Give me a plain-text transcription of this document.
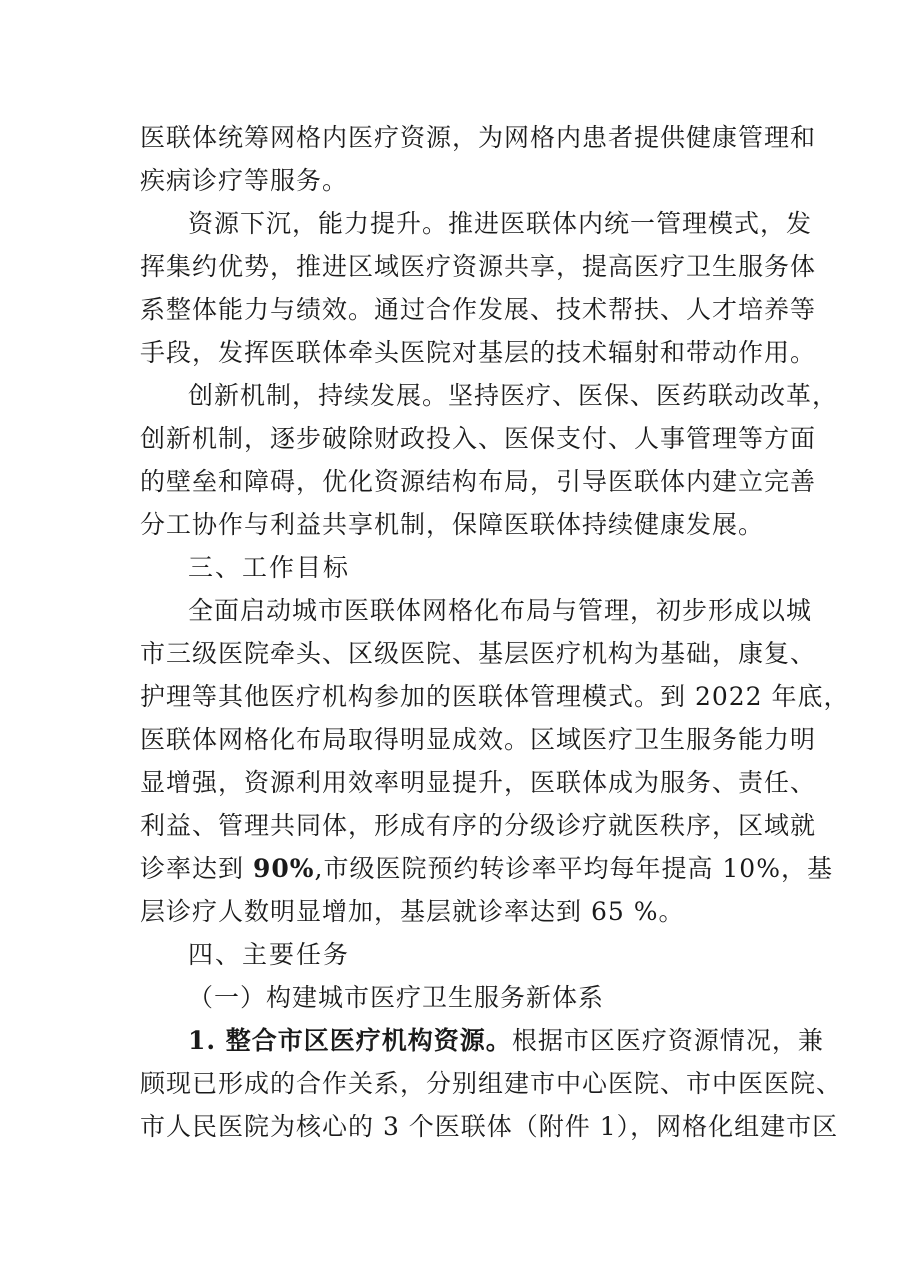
医联体统筹网格内医疗资源，为网格内患者提供健康管理和
疾病诊疗等服务。
资源下沉，能力提升。推进医联体内统一管理模式，发
挥集约优势，推进区域医疗资源共享，提高医疗卫生服务体
系整体能力与绩效。通过合作发展、技术帮扶、人才培养等
手段，发挥医联体牵头医院对基层的技术辐射和带动作用。
创新机制，持续发展。坚持医疗、医保、医药联动改革，
创新机制，逐步破除财政投入、医保支付、人事管理等方面
的壁垒和障碍，优化资源结构布局，引导医联体内建立完善
分工协作与利益共享机制，保障医联体持续健康发展。
三、工作目标
全面启动城市医联体网格化布局与管理，初步形成以城
市三级医院牵头、区级医院、基层医疗机构为基础，康复、
护理等其他医疗机构参加的医联体管理模式。到 2022 年底，
医联体网格化布局取得明显成效。区域医疗卫生服务能力明
显增强，资源利用效率明显提升，医联体成为服务、责任、
利益、管理共同体，形成有序的分级诊疗就医秩序，区域就
诊率达到 90%,市级医院预约转诊率平均每年提高 10%，基
层诊疗人数明显增加，基层就诊率达到 65 %。
四、主要任务
（一）构建城市医疗卫生服务新体系
1. 整合市区医疗机构资源。根据市区医疗资源情况，兼
顾现已形成的合作关系，分别组建市中心医院、市中医医院、
市人民医院为核心的 3 个医联体（附件 1），网格化组建市区
